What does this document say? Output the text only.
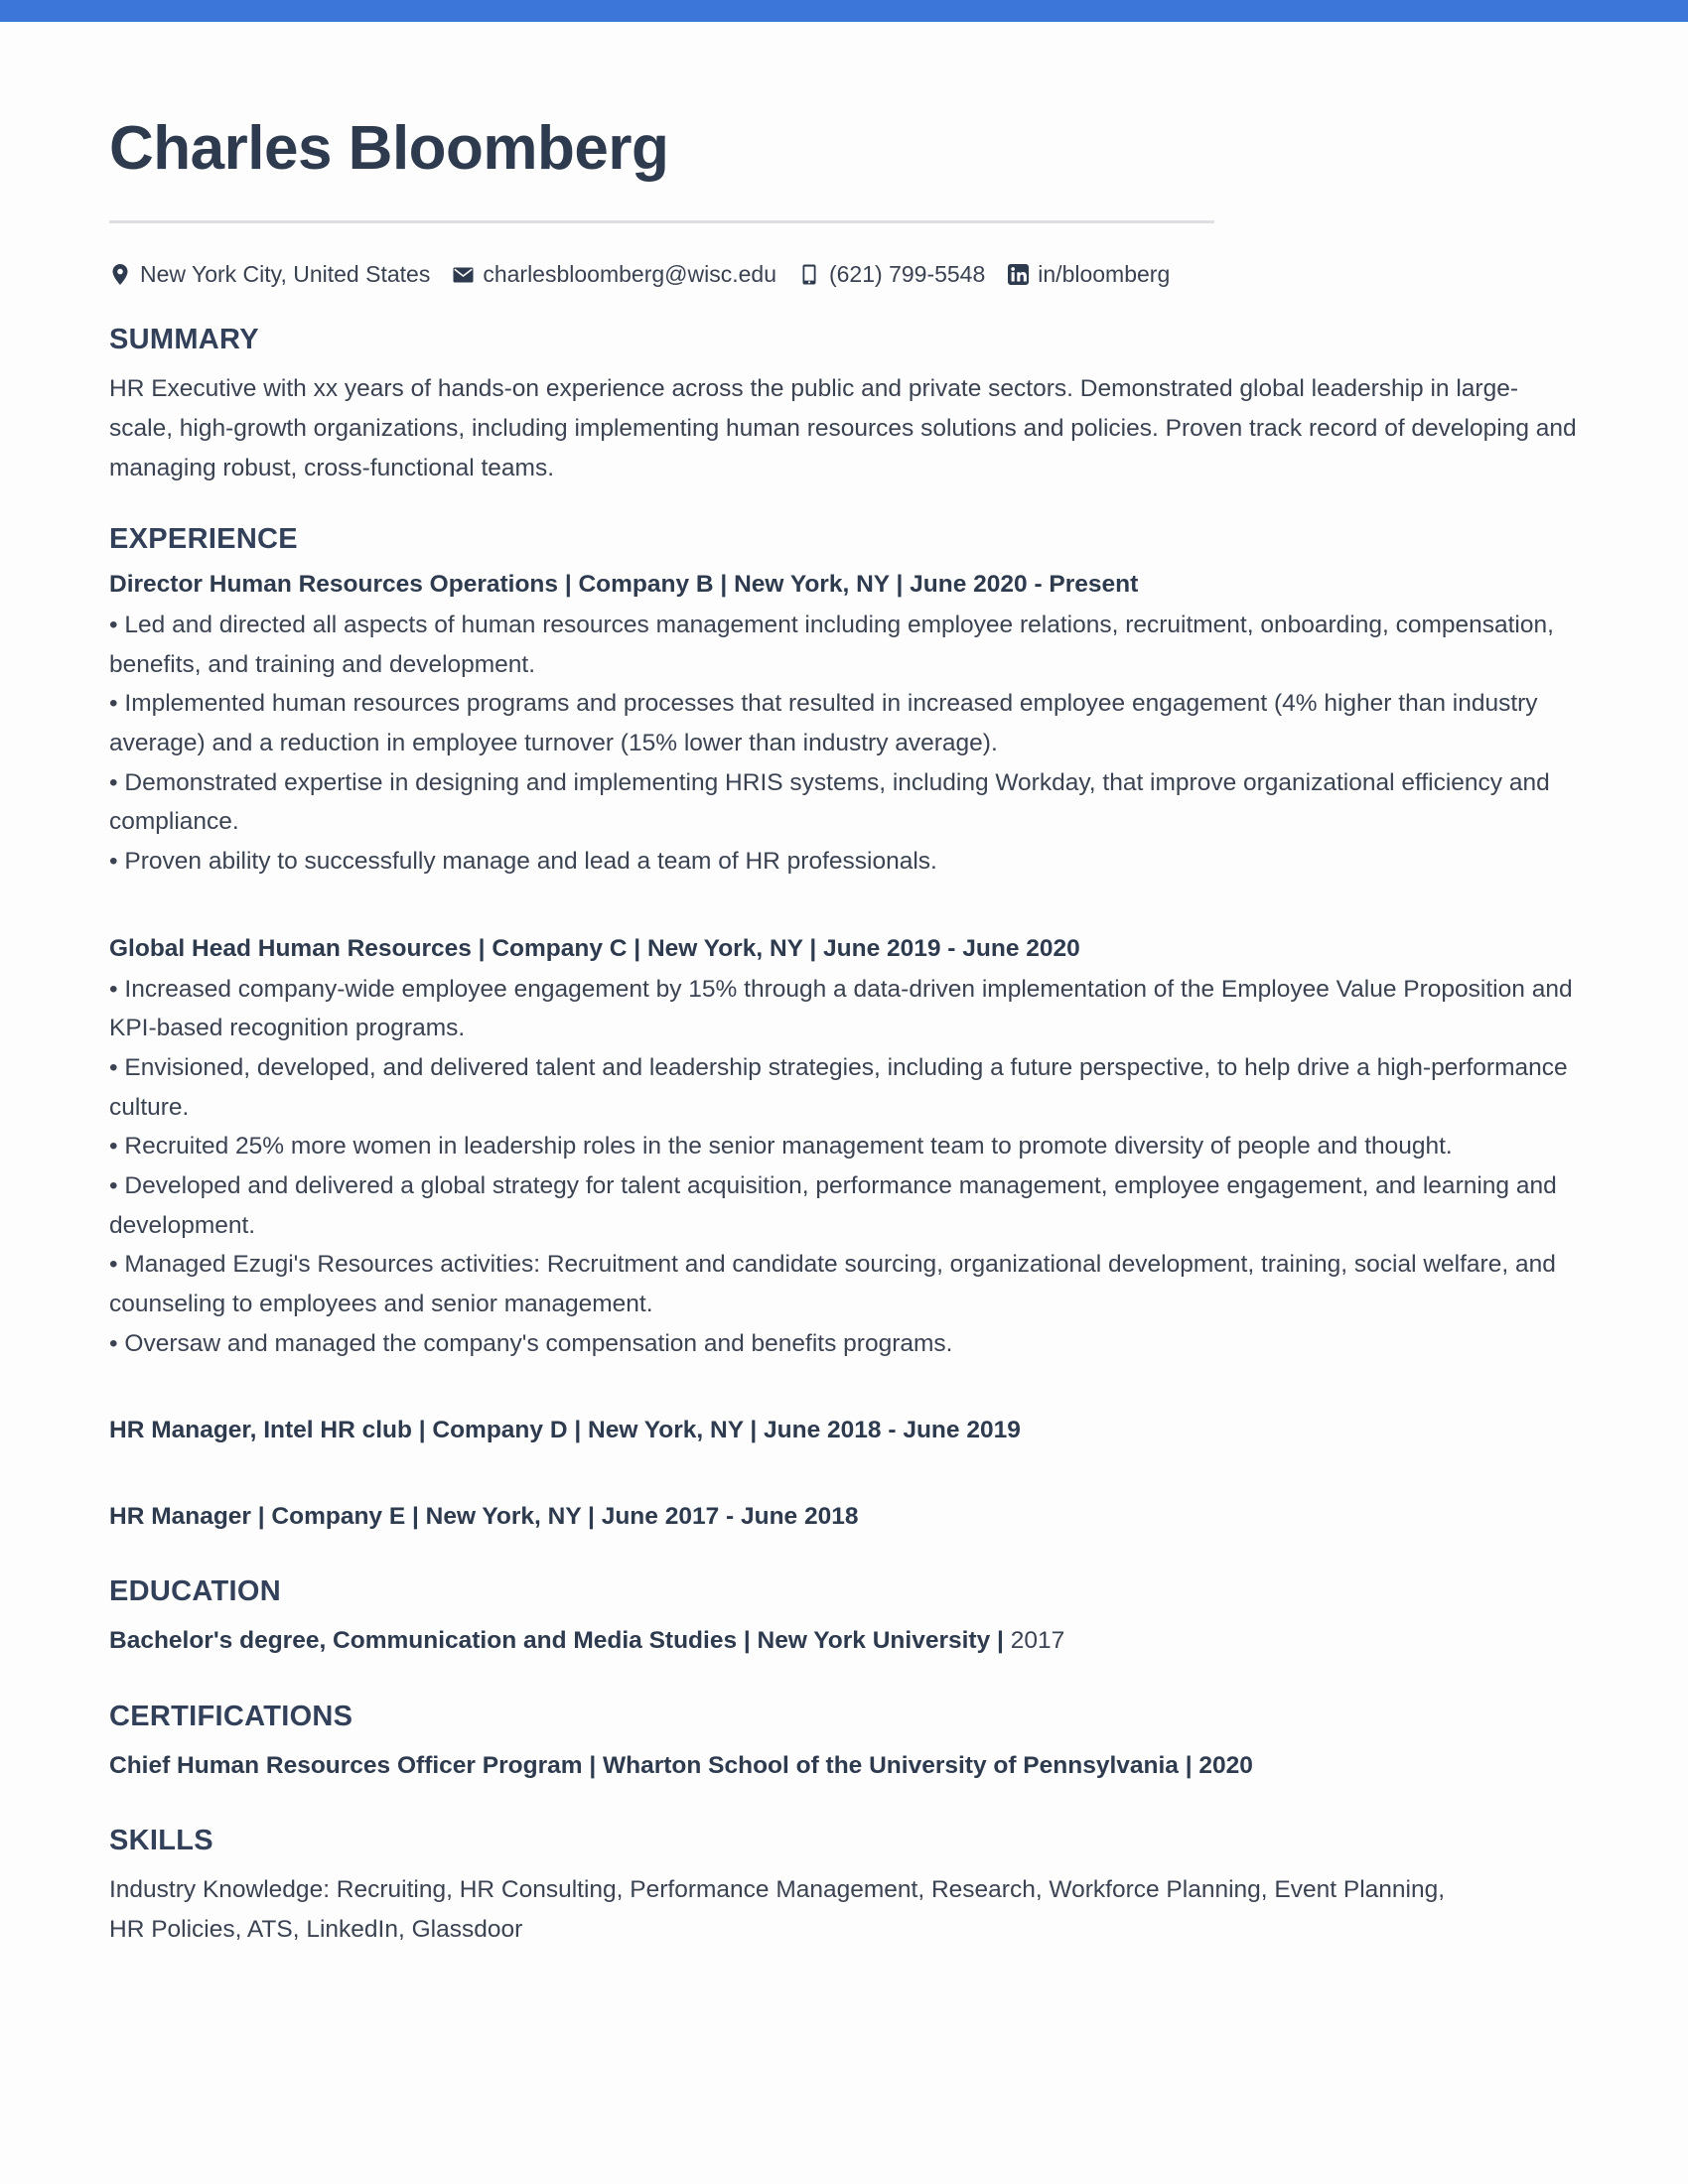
Charles Bloomberg
New York City, United States charlesbloomberg@wisc.edu (621) 799-5548 in/bloomberg
SUMMARY
HR Executive with xx years of hands-on experience across the public and private sectors. Demonstrated global leadership in large-scale, high-growth organizations, including implementing human resources solutions and policies. Proven track record of developing and managing robust, cross-functional teams.
EXPERIENCE
Director Human Resources Operations | Company B | New York, NY | June 2020 - Present
• Led and directed all aspects of human resources management including employee relations, recruitment, onboarding, compensation, benefits, and training and development.
• Implemented human resources programs and processes that resulted in increased employee engagement (4% higher than industry average) and a reduction in employee turnover (15% lower than industry average).
• Demonstrated expertise in designing and implementing HRIS systems, including Workday, that improve organizational efficiency and compliance.
• Proven ability to successfully manage and lead a team of HR professionals.
Global Head Human Resources | Company C | New York, NY | June 2019 - June 2020
• Increased company-wide employee engagement by 15% through a data-driven implementation of the Employee Value Proposition and KPI-based recognition programs.
• Envisioned, developed, and delivered talent and leadership strategies, including a future perspective, to help drive a high-performance culture.
• Recruited 25% more women in leadership roles in the senior management team to promote diversity of people and thought.
• Developed and delivered a global strategy for talent acquisition, performance management, employee engagement, and learning and development.
• Managed Ezugi's Resources activities: Recruitment and candidate sourcing, organizational development, training, social welfare, and counseling to employees and senior management.
• Oversaw and managed the company's compensation and benefits programs.
HR Manager, Intel HR club | Company D | New York, NY | June 2018 - June 2019
HR Manager | Company E | New York, NY | June 2017 - June 2018
EDUCATION
Bachelor's degree, Communication and Media Studies | New York University | 2017
CERTIFICATIONS
Chief Human Resources Officer Program | Wharton School of the University of Pennsylvania | 2020
SKILLS
Industry Knowledge: Recruiting, HR Consulting, Performance Management, Research, Workforce Planning, Event Planning, HR Policies, ATS, LinkedIn, Glassdoor
